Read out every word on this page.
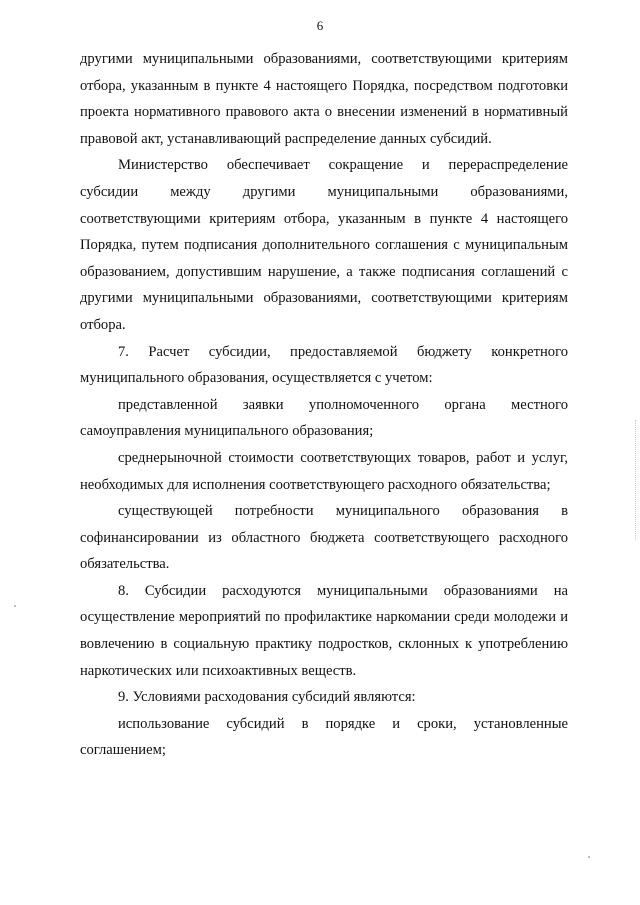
6

другими муниципальными образованиями, соответствующими критериям отбора, указанным в пункте 4 настоящего Порядка, посредством подготовки проекта нормативного правового акта о внесении изменений в нормативный правовой акт, устанавливающий распределение данных субсидий.

Министерство обеспечивает сокращение и перераспределение субсидии между другими муниципальными образованиями, соответствующими критериям отбора, указанным в пункте 4 настоящего Порядка, путем подписания дополнительного соглашения с муниципальным образованием, допустившим нарушение, а также подписания соглашений с другими муниципальными образованиями, соответствующими критериям отбора.

7. Расчет субсидии, предоставляемой бюджету конкретного муниципального образования, осуществляется с учетом:

представленной заявки уполномоченного органа местного самоуправления муниципального образования;

среднерыночной стоимости соответствующих товаров, работ и услуг, необходимых для исполнения соответствующего расходного обязательства;

существующей потребности муниципального образования в софинансировании из областного бюджета соответствующего расходного обязательства.

8. Субсидии расходуются муниципальными образованиями на осуществление мероприятий по профилактике наркомании среди молодежи и вовлечению в социальную практику подростков, склонных к употреблению наркотических или психоактивных веществ.

9. Условиями расходования субсидий являются:

использование субсидий в порядке и сроки, установленные соглашением;
